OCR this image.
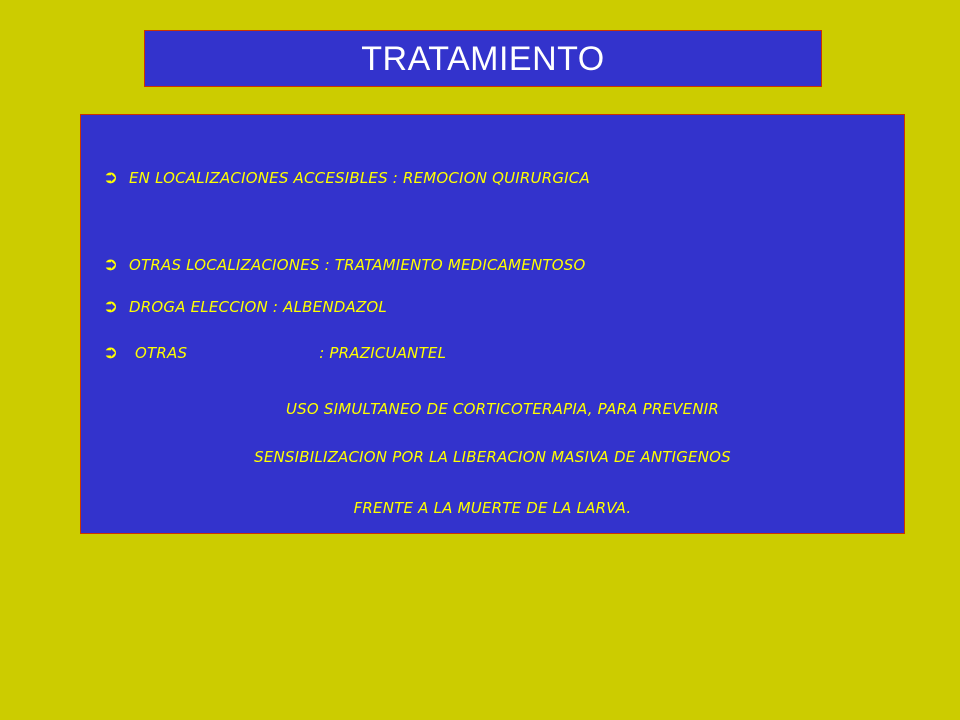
TRATAMIENTO
➲ EN LOCALIZACIONES ACCESIBLES : REMOCION QUIRURGICA
➲ OTRAS LOCALIZACIONES : TRATAMIENTO MEDICAMENTOSO
➲ DROGA ELECCION : ALBENDAZOL
➲	OTRAS	: PRAZICUANTEL
USO SIMULTANEO DE CORTICOTERAPIA, PARA PREVENIR
SENSIBILIZACION POR LA LIBERACION MASIVA DE ANTIGENOS
FRENTE A LA MUERTE DE LA LARVA.
